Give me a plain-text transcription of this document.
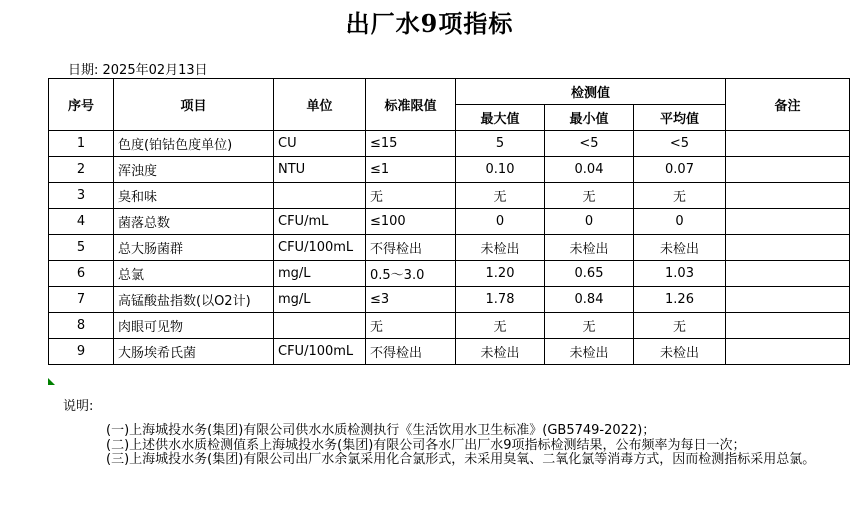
出厂水9项指标
日期: 2025年02月13日
序号	项目	单位	标准限值	检测值			备注
				最大值	最小值	平均值	
1	色度(铂钴色度单位)	CU	≤15	5	<5	<5	
2	浑浊度	NTU	≤1	0.10	0.04	0.07	
3	臭和味		无	无	无	无	
4	菌落总数	CFU/mL	≤100	0	0	0	
5	总大肠菌群	CFU/100mL	不得检出	未检出	未检出	未检出	
6	总氯	mg/L	0.5～3.0	1.20	0.65	1.03	
7	高锰酸盐指数(以O2计)	mg/L	≤3	1.78	0.84	1.26	
8	肉眼可见物		无	无	无	无	
9	大肠埃希氏菌	CFU/100mL	不得检出	未检出	未检出	未检出	
说明:
(一)上海城投水务(集团)有限公司供水水质检测执行《生活饮用水卫生标准》(GB5749-2022)；
(二)上述供水水质检测值系上海城投水务(集团)有限公司各水厂出厂水9项指标检测结果，公布频率为每日一次；
(三)上海城投水务(集团)有限公司出厂水余氯采用化合氯形式，未采用臭氧、二氧化氯等消毒方式，因而检测指标采用总氯。
